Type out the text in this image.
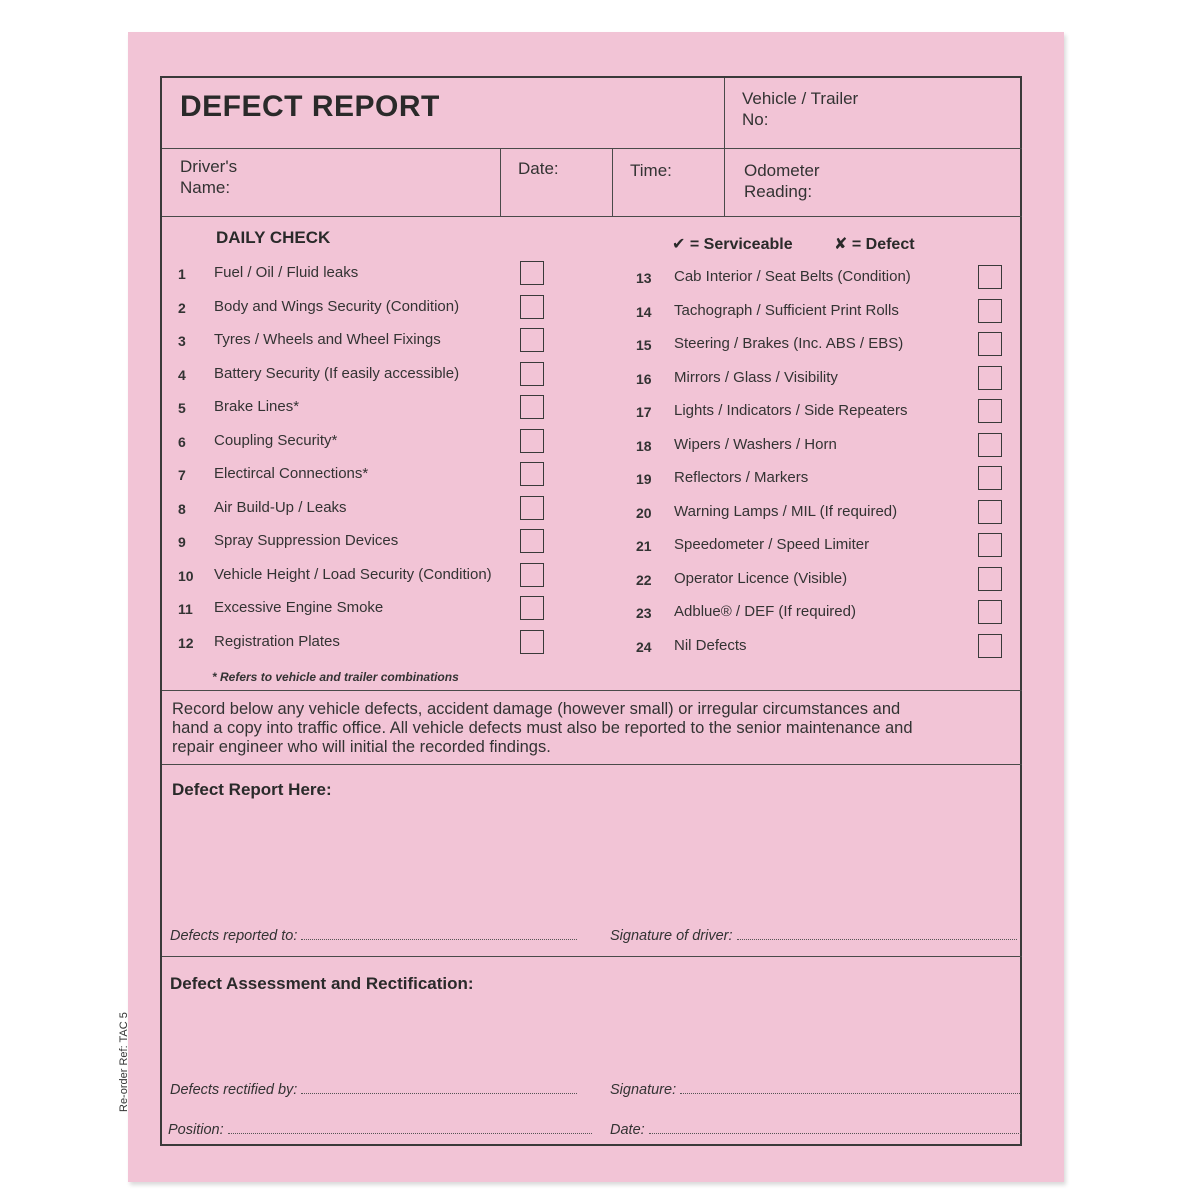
DEFECT REPORT	Vehicle / Trailer
No:
Driver's
Name:
Date:	Time:	Odometer
Reading:
DAILY CHECK	✔ = Serviceable	✘ = Defect
1	Fuel / Oil / Fluid leaks
2	Body and Wings Security (Condition)
3	Tyres / Wheels and Wheel Fixings
4	Battery Security (If easily accessible)
5	Brake Lines*
6	Coupling Security*
7	Electircal Connections*
8	Air Build-Up / Leaks
9	Spray Suppression Devices
10	Vehicle Height / Load Security (Condition)
11	Excessive Engine Smoke
12	Registration Plates
13	Cab Interior / Seat Belts (Condition)
14	Tachograph / Sufficient Print Rolls
15	Steering / Brakes (Inc. ABS / EBS)
16	Mirrors / Glass / Visibility
17	Lights / Indicators / Side Repeaters
18	Wipers / Washers / Horn
19	Reflectors / Markers
20	Warning Lamps / MIL (If required)
21	Speedometer / Speed Limiter
22	Operator Licence (Visible)
23	Adblue® / DEF (If required)
24	Nil Defects
* Refers to vehicle and trailer combinations
Record below any vehicle defects, accident damage (however small) or irregular circumstances and
hand a copy into traffic office. All vehicle defects must also be reported to the senior maintenance and
repair engineer who will initial the recorded findings.
Defect Report Here:
Defects reported to:	Signature of driver:
Defect Assessment and Rectification:
Defects rectified by:	Signature:
Position:	Date:
Re-order Ref: TAC 5
